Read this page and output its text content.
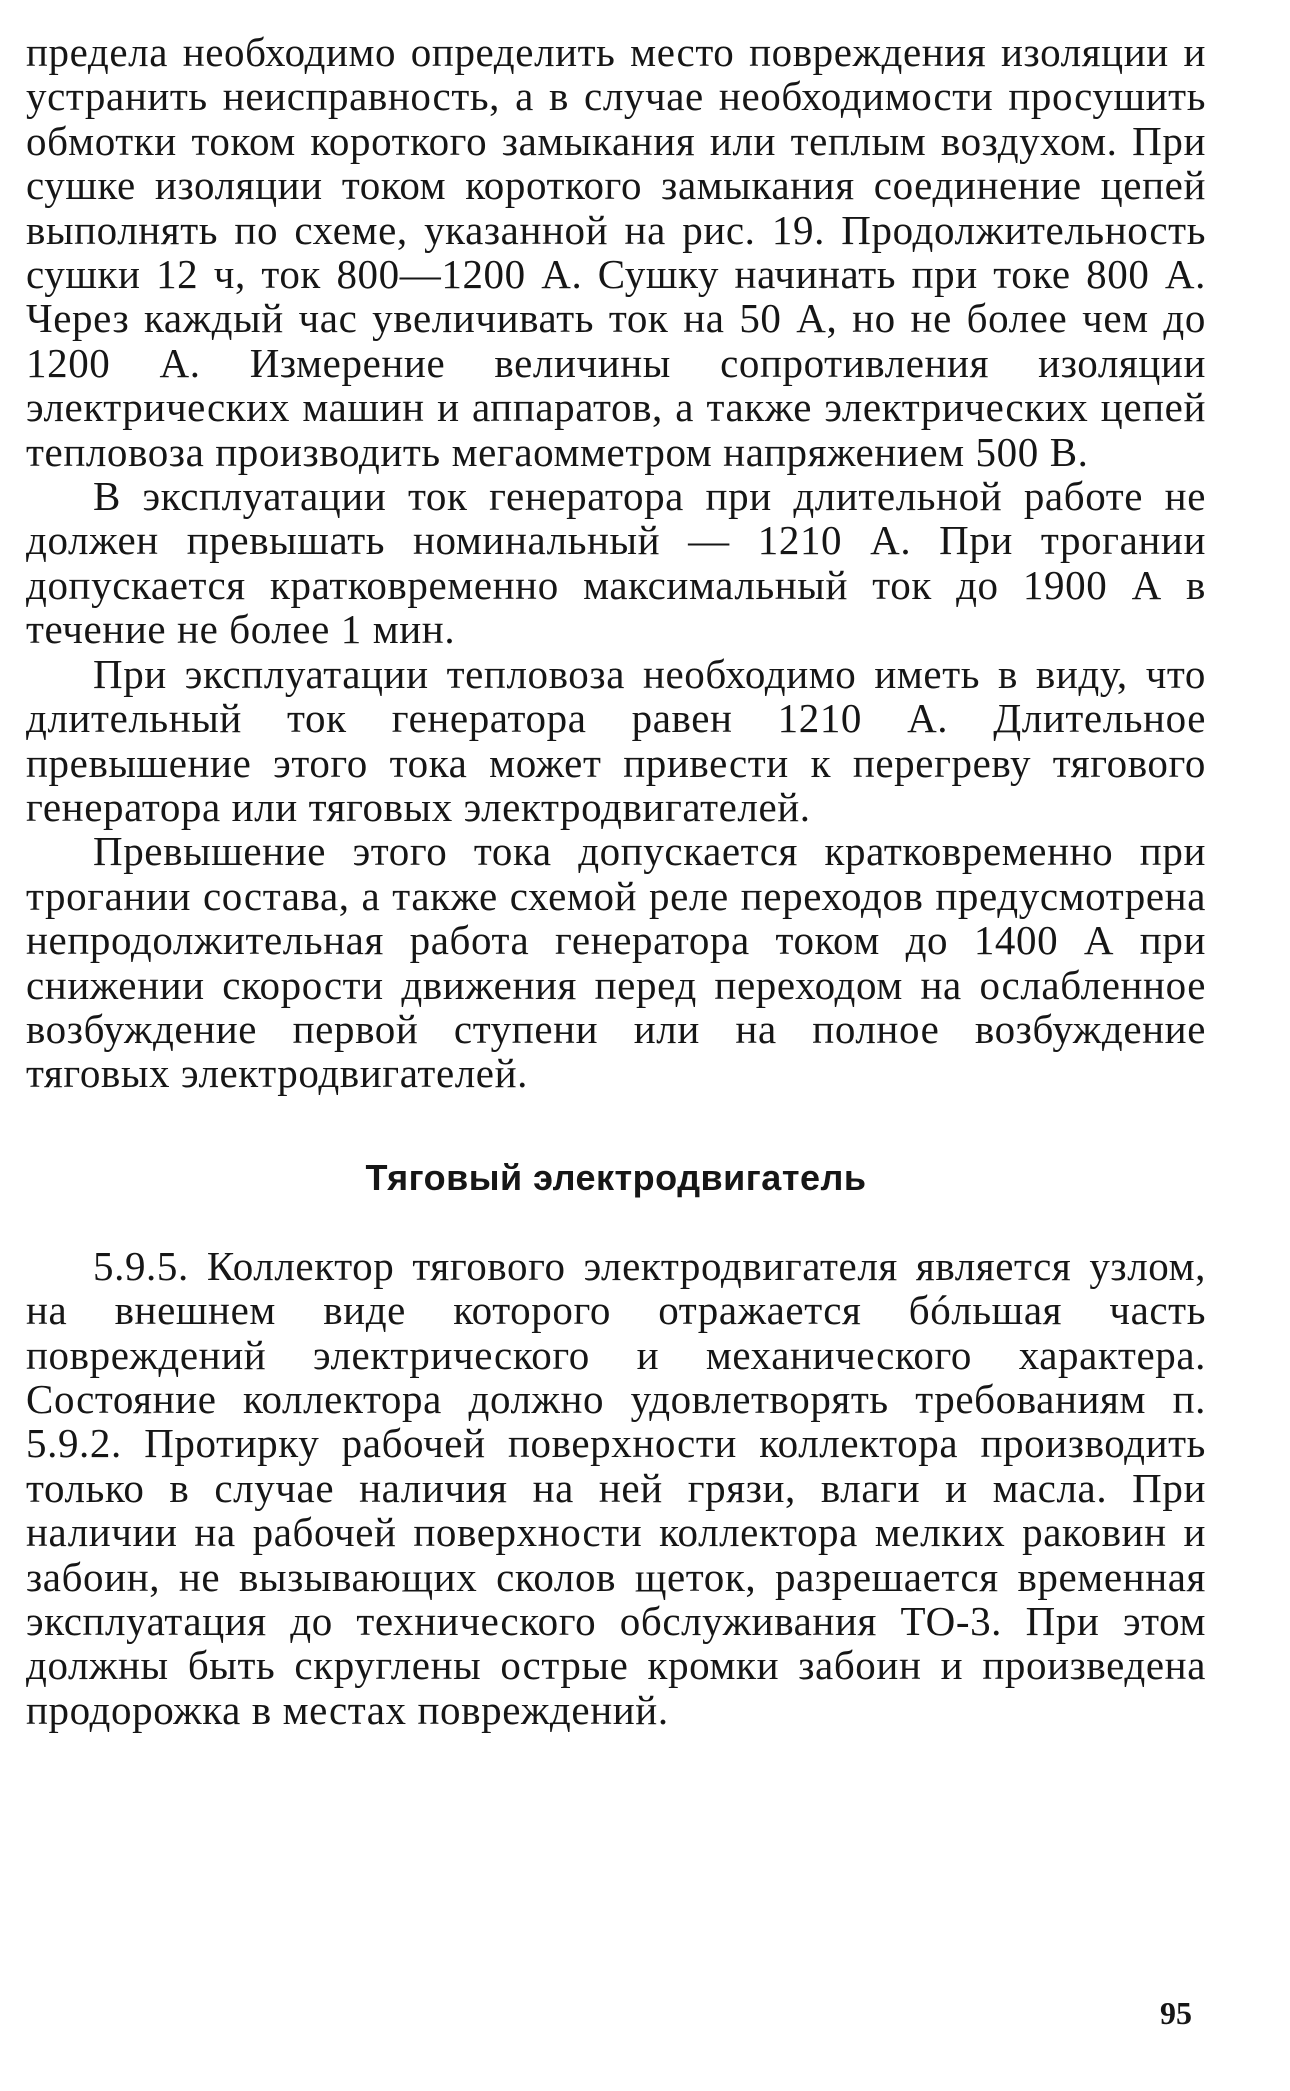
предела необходимо определить место повреждения изоляции и устранить неисправность, а в случае необходимости просушить обмотки током короткого замыкания или теплым воздухом. При сушке изоляции током короткого замыкания соединение цепей выполнять по схеме, указанной на рис. 19. Продолжительность сушки 12 ч, ток 800—1200 А. Сушку начинать при токе 800 А. Через каждый час увеличивать ток на 50 А, но не более чем до 1200 А. Измерение величины сопротивления изоляции электрических машин и аппаратов, а также электрических цепей тепловоза производить мегаомметром напряжением 500 В.

В эксплуатации ток генератора при длительной работе не должен превышать номинальный — 1210 А. При трогании допускается кратковременно максимальный ток до 1900 А в течение не более 1 мин.

При эксплуатации тепловоза необходимо иметь в виду, что длительный ток генератора равен 1210 А. Длительное превышение этого тока может привести к перегреву тягового генератора или тяговых электродвигателей.

Превышение этого тока допускается кратковременно при трогании состава, а также схемой реле переходов предусмотрена непродолжительная работа генератора током до 1400 А при снижении скорости движения перед переходом на ослабленное возбуждение первой ступени или на полное возбуждение тяговых электродвигателей.

Тяговый электродвигатель

5.9.5. Коллектор тягового электродвигателя является узлом, на внешнем виде которого отражается бóльшая часть повреждений электрического и механического характера. Состояние коллектора должно удовлетворять требованиям п. 5.9.2. Протирку рабочей поверхности коллектора производить только в случае наличия на ней грязи, влаги и масла. При наличии на рабочей поверхности коллектора мелких раковин и забоин, не вызывающих сколов щеток, разрешается временная эксплуатация до технического обслуживания ТО-3. При этом должны быть скруглены острые кромки забоин и произведена продорожка в местах повреждений.

95
